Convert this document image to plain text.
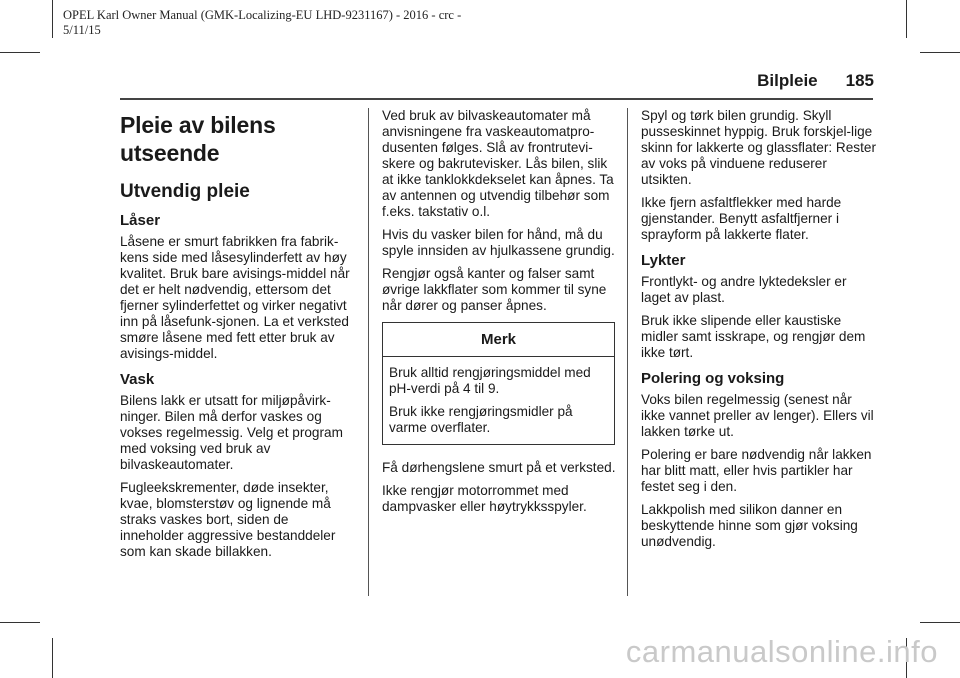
OPEL Karl Owner Manual (GMK-Localizing-EU LHD-9231167) - 2016 - crc -
5/11/15
Bilpleie 185
Pleie av bilens
utseende
Utvendig pleie
Låser

Låsene er smurt fabrikken fra fabrik-kens side med låsesylinderfett av høy kvalitet. Bruk bare avisings-middel når det er helt nødvendig, ettersom det fjerner sylinderfettet og virker negativt inn på låsefunk-sjonen. La et verksted smøre låsene med fett etter bruk av avisings-middel.

Vask

Bilens lakk er utsatt for miljøpåvirk-ninger. Bilen må derfor vaskes og vokses regelmessig. Velg et program med voksing ved bruk av bilvaskeautomater.

Fugleekskrementer, døde insekter, kvae, blomsterstøv og lignende må straks vaskes bort, siden de inneholder aggressive bestanddeler som kan skade billakken.

Ved bruk av bilvaskeautomater må anvisningene fra vaskeautomatpro-dusenten følges. Slå av frontrutevi-skere og bakrutevisker. Lås bilen, slik at ikke tanklokkdekselet kan åpnes. Ta av antennen og utvendig tilbehør som f.eks. takstativ o.l.

Hvis du vasker bilen for hånd, må du spyle innsiden av hjulkassene grundig.

Rengjør også kanter og falser samt øvrige lakkflater som kommer til syne når dører og panser åpnes.

Merk

Bruk alltid rengjøringsmiddel med pH-verdi på 4 til 9.

Bruk ikke rengjøringsmidler på varme overflater.

Få dørhengslene smurt på et verksted.

Ikke rengjør motorrommet med dampvasker eller høytrykksspyler.

Spyl og tørk bilen grundig. Skyll pusseskinnet hyppig. Bruk forskjel-lige skinn for lakkerte og glassflater: Rester av voks på vinduene reduserer utsikten.

Ikke fjern asfaltflekker med harde gjenstander. Benytt asfaltfjerner i sprayform på lakkerte flater.

Lykter

Frontlykt- og andre lyktedeksler er laget av plast.

Bruk ikke slipende eller kaustiske midler samt isskrape, og rengjør dem ikke tørt.

Polering og voksing

Voks bilen regelmessig (senest når ikke vannet preller av lenger). Ellers vil lakken tørke ut.

Polering er bare nødvendig når lakken har blitt matt, eller hvis partikler har festet seg i den.

Lakkpolish med silikon danner en beskyttende hinne som gjør voksing unødvendig.

carmanualsonline.info
